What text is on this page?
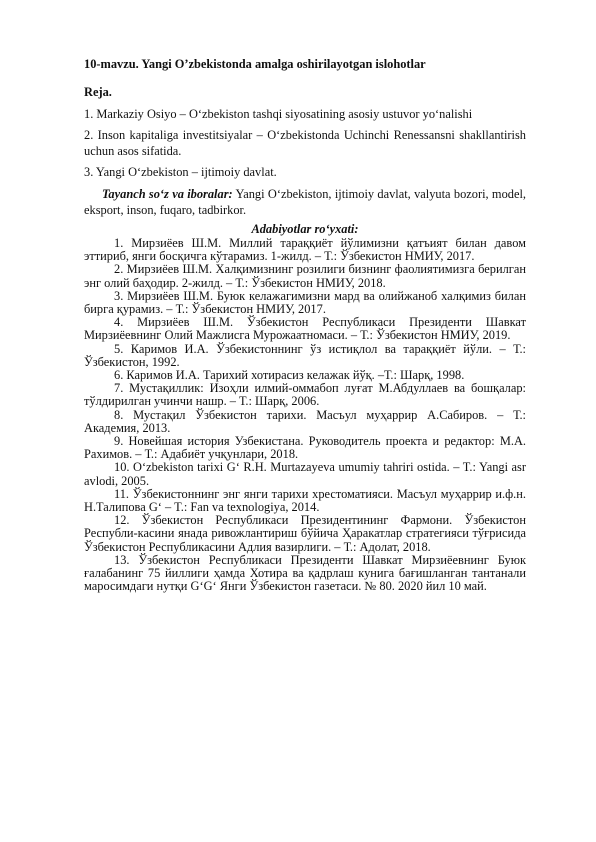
10-mavzu. Yangi O’zbekistonda amalga oshirilayotgan islohotlar

Reja.

1. Markaziy Osiyo – O‘zbekiston tashqi siyosatining asosiy ustuvor yo‘nalishi

2. Inson kapitaliga investitsiyalar – O‘zbekistonda Uchinchi Renessansni shakllantirish uchun asos sifatida.

3. Yangi O‘zbekiston – ijtimoiy davlat.

Tayanch so‘z va iboralar: Yangi O‘zbekiston, ijtimoiy davlat, valyuta bozori, model, eksport, inson, fuqaro, tadbirkor.

Adabiyotlar ro‘yxati:

1. Мирзиёев Ш.М. Миллий тараққиёт йўлимизни қатъият билан давом эттириб, янги босқичга кўтарамиз. 1-жилд. – Т.: Ўзбекистон НМИУ, 2017.

2. Мирзиёев Ш.М. Халқимизнинг розилиги бизнинг фаолиятимизга берилган энг олий баҳодир. 2-жилд. – Т.: Ўзбекистон НМИУ, 2018.

3. Мирзиёев Ш.М. Буюк келажагимизни мард ва олийжаноб халқимиз билан бирга қурамиз. – Т.: Ўзбекистон НМИУ, 2017.

4. Мирзиёев Ш.М. Ўзбекистон Республикаси Президенти Шавкат Мирзиёевнинг Олий Мажлисга Мурожаатномаси. – Т.: Ўзбекистон НМИУ, 2019.

5. Каримов И.А. Ўзбекистоннинг ўз истиқлол ва тараққиёт йўли. – Т.: Ўзбекистон, 1992.

6. Каримов И.А. Тарихий хотирасиз келажак йўқ. –Т.: Шарқ, 1998.

7. Мустақиллик: Изоҳли илмий-оммабоп луғат М.Абдуллаев ва бошқалар: тўлдирилган учинчи нашр. – Т.: Шарқ, 2006.

8. Мустақил Ўзбекистон тарихи. Масъул муҳаррир А.Сабиров. – Т.: Академия, 2013.

9. Новейшая история Узбекистана. Руководитель проекта и редактор: М.А. Рахимов. – Т.: Адабиёт учқунлари, 2018.

10. O‘zbekiston tarixi G‘ R.H. Murtazayeva umumiy tahriri ostida. – T.: Yangi asr avlodi, 2005.

11. Ўзбекистоннинг энг янги тарихи хрестоматияси. Масъул муҳаррир и.ф.н. Н.Талипова G‘ – T.: Fan va texnologiya, 2014.

12. Ўзбекистон Республикаси Президентининг Фармони. Ўзбекистон Республи-касини янада ривожлантириш бўйича Ҳаракатлар стратегияси тўғрисида Ўзбекистон Республикасини Адлия вазирлиги. – Т.: Адолат, 2018.

13. Ўзбекистон Республикаси Президенти Шавкат Мирзиёевнинг Буюк ғалабанинг 75 йиллиги ҳамда Хотира ва қадрлаш кунига бағишланган тантанали маросимдаги нутқи G‘G‘ Янги Ўзбекистон газетаси. № 80. 2020 йил 10 май.
